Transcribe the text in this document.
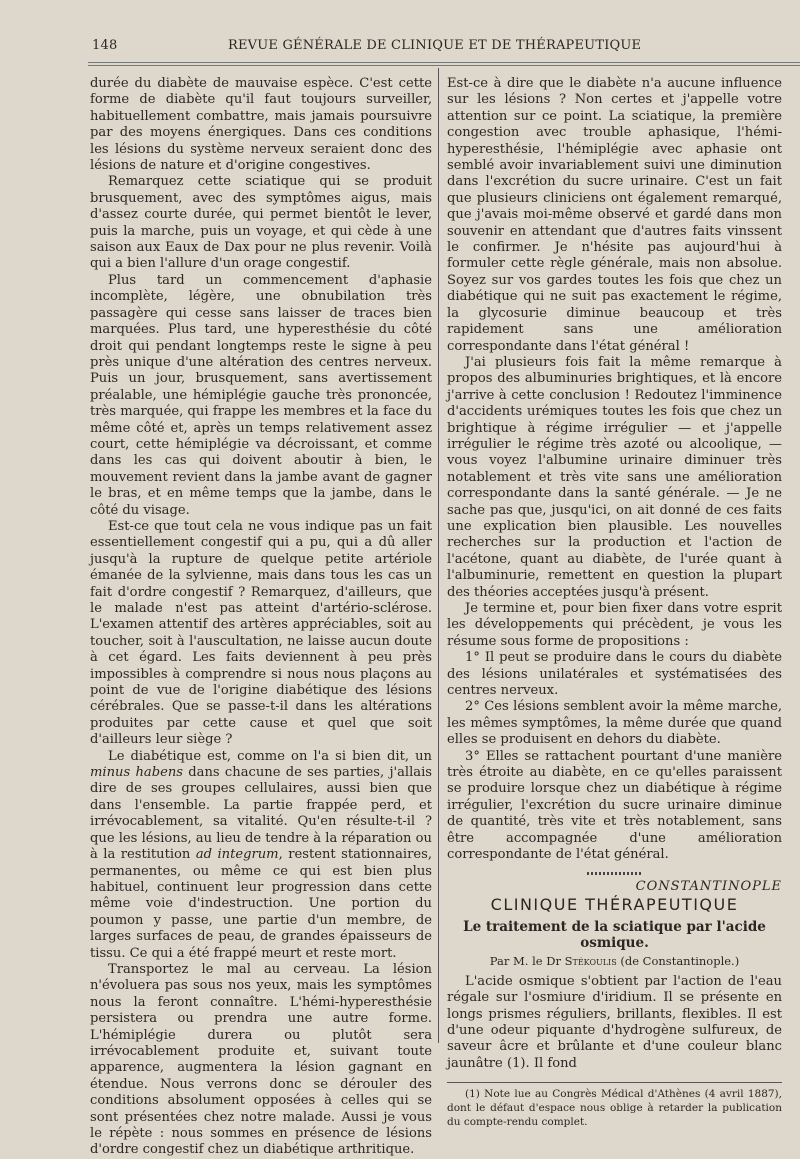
148	REVUE GÉNÉRALE DE CLINIQUE ET DE THÉRAPEUTIQUE

durée du diabète de mauvaise espèce. C'est cette forme de diabète qu'il faut toujours surveiller, habituellement combattre, mais jamais poursuivre par des moyens énergiques. Dans ces conditions les lésions du système nerveux seraient donc des lésions de nature et d'origine congestives.

Remarquez cette sciatique qui se produit brusquement, avec des symptômes aigus, mais d'assez courte durée, qui permet bientôt le lever, puis la marche, puis un voyage, et qui cède à une saison aux Eaux de Dax pour ne plus revenir. Voilà qui a bien l'allure d'un orage congestif.

Plus tard un commencement d'aphasie incomplète, légère, une obnubilation très passagère qui cesse sans laisser de traces bien marquées. Plus tard, une hyperesthésie du côté droit qui pendant longtemps reste le signe à peu près unique d'une altération des centres nerveux. Puis un jour, brusquement, sans avertissement préalable, une hémiplégie gauche très prononcée, très marquée, qui frappe les membres et la face du même côté et, après un temps relativement assez court, cette hémiplégie va décroissant, et comme dans les cas qui doivent aboutir à bien, le mouvement revient dans la jambe avant de gagner le bras, et en même temps que la jambe, dans le côté du visage.

Est-ce que tout cela ne vous indique pas un fait essentiellement congestif qui a pu, qui a dû aller jusqu'à la rupture de quelque petite artériole émanée de la sylvienne, mais dans tous les cas un fait d'ordre congestif ? Remarquez, d'ailleurs, que le malade n'est pas atteint d'artério-sclérose. L'examen attentif des artères appréciables, soit au toucher, soit à l'auscultation, ne laisse aucun doute à cet égard. Les faits deviennent à peu près impossibles à comprendre si nous nous plaçons au point de vue de l'origine diabétique des lésions cérébrales. Que se passe-t-il dans les altérations produites par cette cause et quel que soit d'ailleurs leur siège ?

Le diabétique est, comme on l'a si bien dit, un minus habens dans chacune de ses parties, j'allais dire de ses groupes cellulaires, aussi bien que dans l'ensemble. La partie frappée perd, et irrévocablement, sa vitalité. Qu'en résulte-t-il ? que les lésions, au lieu de tendre à la réparation ou à la restitution ad integrum, restent stationnaires, permanentes, ou même ce qui est bien plus habituel, continuent leur progression dans cette même voie d'indestruction. Une portion du poumon y passe, une partie d'un membre, de larges surfaces de peau, de grandes épaisseurs de tissu. Ce qui a été frappé meurt et reste mort.

Transportez le mal au cerveau. La lésion n'évoluera pas sous nos yeux, mais les symptômes nous la feront connaître. L'hémi-hyperesthésie persistera ou prendra une autre forme. L'hémiplégie durera ou plutôt sera irrévocablement produite et, suivant toute apparence, augmentera la lésion gagnant en étendue. Nous verrons donc se dérouler des conditions absolument opposées à celles qui se sont présentées chez notre malade. Aussi je vous le répète : nous sommes en présence de lésions d'ordre congestif chez un diabétique arthritique.

Est-ce à dire que le diabète n'a aucune influence sur les lésions ? Non certes et j'appelle votre attention sur ce point. La sciatique, la première congestion avec trouble aphasique, l'hémi-hyperesthésie, l'hémiplégie avec aphasie ont semblé avoir invariablement suivi une diminution dans l'excrétion du sucre urinaire. C'est un fait que plusieurs cliniciens ont également remarqué, que j'avais moi-même observé et gardé dans mon souvenir en attendant que d'autres faits vinssent le confirmer. Je n'hésite pas aujourd'hui à formuler cette règle générale, mais non absolue. Soyez sur vos gardes toutes les fois que chez un diabétique qui ne suit pas exactement le régime, la glycosurie diminue beaucoup et très rapidement sans une amélioration correspondante dans l'état général !

J'ai plusieurs fois fait la même remarque à propos des albuminuries brightiques, et là encore j'arrive à cette conclusion ! Redoutez l'imminence d'accidents urémiques toutes les fois que chez un brightique à régime irrégulier — et j'appelle irrégulier le régime très azoté ou alcoolique, — vous voyez l'albumine urinaire diminuer très notablement et très vite sans une amélioration correspondante dans la santé générale. — Je ne sache pas que, jusqu'ici, on ait donné de ces faits une explication bien plausible. Les nouvelles recherches sur la production et l'action de l'acétone, quant au diabète, de l'urée quant à l'albuminurie, remettent en question la plupart des théories acceptées jusqu'à présent.

Je termine et, pour bien fixer dans votre esprit les développements qui précèdent, je vous les résume sous forme de propositions :

1° Il peut se produire dans le cours du diabète des lésions unilatérales et systématisées des centres nerveux.

2° Ces lésions semblent avoir la même marche, les mêmes symptômes, la même durée que quand elles se produisent en dehors du diabète.

3° Elles se rattachent pourtant d'une manière très étroite au diabète, en ce qu'elles paraissent se produire lorsque chez un diabétique à régime irrégulier, l'excrétion du sucre urinaire diminue de quantité, très vite et très notablement, sans être accompagnée d'une amélioration correspondante de l'état général.

CONSTANTINOPLE
CLINIQUE THÉRAPEUTIQUE
Le traitement de la sciatique par l'acide osmique.
Par M. le Dr Stékoulis (de Constantinople.)

L'acide osmique s'obtient par l'action de l'eau régale sur l'osmiure d'iridium. Il se présente en longs prismes réguliers, brillants, flexibles. Il est d'une odeur piquante d'hydrogène sulfureux, de saveur âcre et brûlante et d'une couleur blanc jaunâtre (1). Il fond

(1) Note lue au Congrès Médical d'Athènes (4 avril 1887), dont le défaut d'espace nous oblige à retarder la publication du compte-rendu complet.
